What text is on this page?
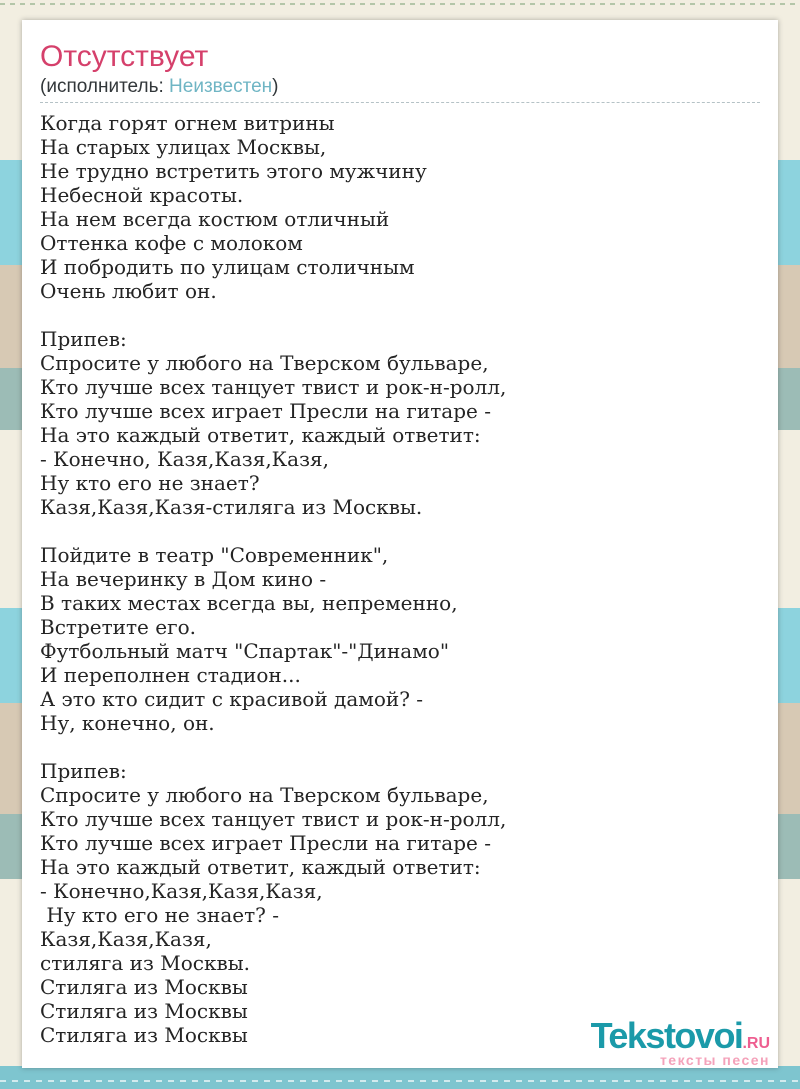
Отсутствует
(исполнитель: Неизвестен)
Когда горят огнем витрины
На старых улицах Москвы,
Не трудно встретить этого мужчину
Небесной красоты.
На нем всегда костюм отличный
Оттенка кофе с молоком
И побродить по улицам столичным
Очень любит он.
Припев:
Спросите у любого на Тверском бульваре,
Кто лучше всех танцует твист и рок-н-ролл,
Кто лучше всех играет Пресли на гитаре -
На это каждый ответит, каждый ответит:
- Конечно, Казя,Казя,Казя,
Ну кто его не знает?
Казя,Казя,Казя-стиляга из Москвы.
Пойдите в театр "Современник",
На вечеринку в Дом кино -
В таких местах всегда вы, непременно,
Встретите его.
Футбольный матч "Спартак"-"Динамо"
И переполнен стадион...
А это кто сидит с красивой дамой? -
Ну, конечно, он.
Припев:
Спросите у любого на Тверском бульваре,
Кто лучше всех танцует твист и рок-н-ролл,
Кто лучше всех играет Пресли на гитаре -
На это каждый ответит, каждый ответит:
- Конечно,Казя,Казя,Казя,
Ну кто его не знает? -
Казя,Казя,Казя,
стиляга из Москвы.
Стиляга из Москвы
Стиляга из Москвы
Стиляга из Москвы	Tekstovoi.RU
тексты песен
